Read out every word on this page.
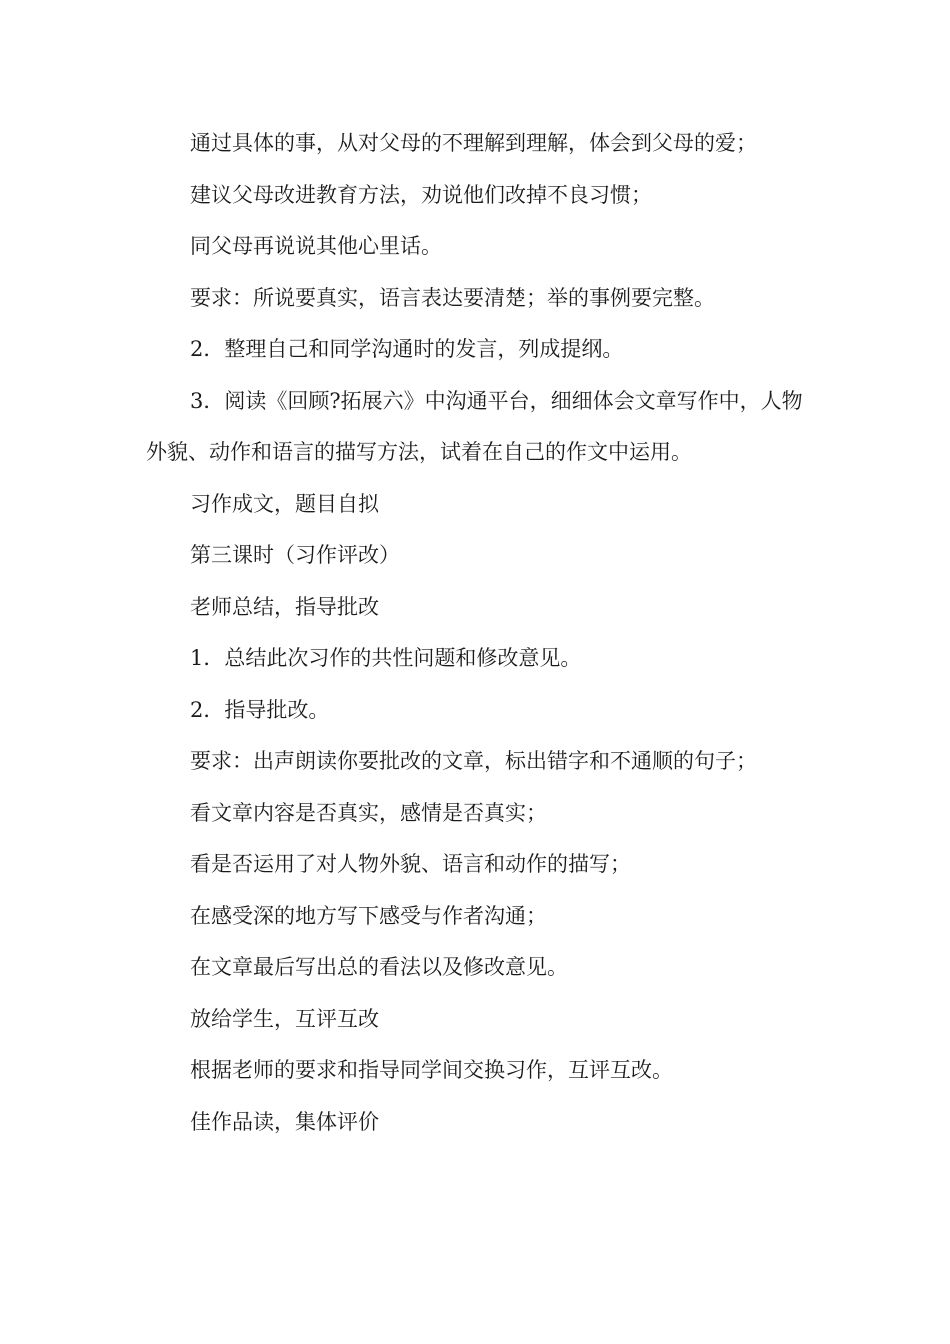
通过具体的事，从对父母的不理解到理解，体会到父母的爱；

建议父母改进教育方法，劝说他们改掉不良习惯；

同父母再说说其他心里话。

要求：所说要真实，语言表达要清楚；举的事例要完整。

2．整理自己和同学沟通时的发言，列成提纲。

3．阅读《回顾?拓展六》中沟通平台，细细体会文章写作中，人物外貌、动作和语言的描写方法，试着在自己的作文中运用。

习作成文，题目自拟

第三课时（习作评改）

老师总结，指导批改

1．总结此次习作的共性问题和修改意见。

2．指导批改。

要求：出声朗读你要批改的文章，标出错字和不通顺的句子；

看文章内容是否真实，感情是否真实；

看是否运用了对人物外貌、语言和动作的描写；

在感受深的地方写下感受与作者沟通；

在文章最后写出总的看法以及修改意见。

放给学生，互评互改

根据老师的要求和指导同学间交换习作，互评互改。

佳作品读，集体评价
